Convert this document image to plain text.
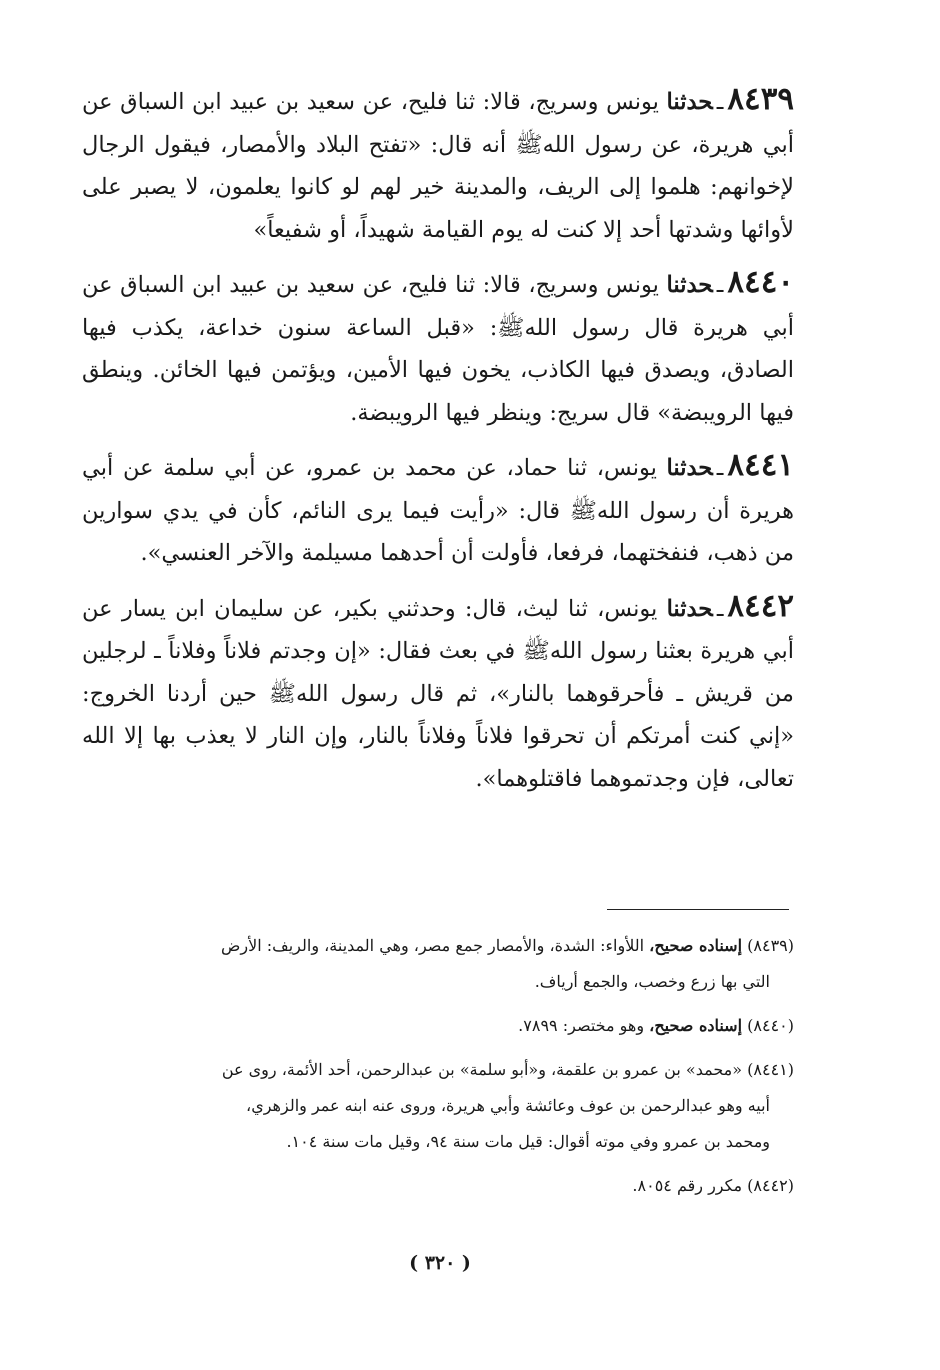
٨٤٣٩ـحدثنا يونس وسريج، قالا: ثنا فليح، عن سعيد بن عبيد ابن السباق عن أبي هريرة، عن رسول اللهﷺ أنه قال: «تفتح البلاد والأمصار، فيقول الرجال لإخوانهم: هلموا إلى الريف، والمدينة خير لهم لو كانوا يعلمون، لا يصبر على لأوائها وشدتها أحد إلا كنت له يوم القيامة شهيداً، أو شفيعاً»

٨٤٤٠ـحدثنا يونس وسريج، قالا: ثنا فليح، عن سعيد بن عبيد ابن السباق عن أبي هريرة قال رسول اللهﷺ: «قبل الساعة سنون خداعة، يكذب فيها الصادق، ويصدق فيها الكاذب، يخون فيها الأمين، ويؤتمن فيها الخائن. وينطق فيها الرويبضة» قال سريج: وينظر فيها الرويبضة.

٨٤٤١ـحدثنا يونس، ثنا حماد، عن محمد بن عمرو، عن أبي سلمة عن أبي هريرة أن رسول اللهﷺ قال: «رأيت فيما يرى النائم، كأن في يدي سوارين من ذهب، فنفختهما، فرفعا، فأولت أن أحدهما مسيلمة والآخر العنسي».

٨٤٤٢ـحدثنا يونس، ثنا ليث، قال: وحدثني بكير، عن سليمان ابن يسار عن أبي هريرة بعثنا رسول اللهﷺ في بعث فقال: «إن وجدتم فلاناً وفلاناً ـ لرجلين من قريش ـ فأحرقوهما بالنار»، ثم قال رسول اللهﷺ حين أردنا الخروج: «إني كنت أمرتكم أن تحرقوا فلاناً وفلاناً بالنار، وإن النار لا يعذب بها إلا الله تعالى، فإن وجدتموهما فاقتلوهما».

(٨٤٣٩) إسناده صحيح، اللأواء: الشدة، والأمصار جمع مصر، وهي المدينة، والريف: الأرض

التي بها زرع وخصب، والجمع أرياف.

(٨٤٤٠) إسناده صحيح، وهو مختصر: ٧٨٩٩.

(٨٤٤١) «محمد» بن عمرو بن علقمة، و«أبو سلمة» بن عبدالرحمن، أحد الأئمة، روى عن

أبيه وهو عبدالرحمن بن عوف وعائشة وأبي هريرة، وروى عنه ابنه عمر والزهري،

ومحمد بن عمرو وفي موته أقوال: قيل مات سنة ٩٤، وقيل مات سنة ١٠٤.

(٨٤٤٢) مكرر رقم ٨٠٥٤.

( ٣٢٠ )
